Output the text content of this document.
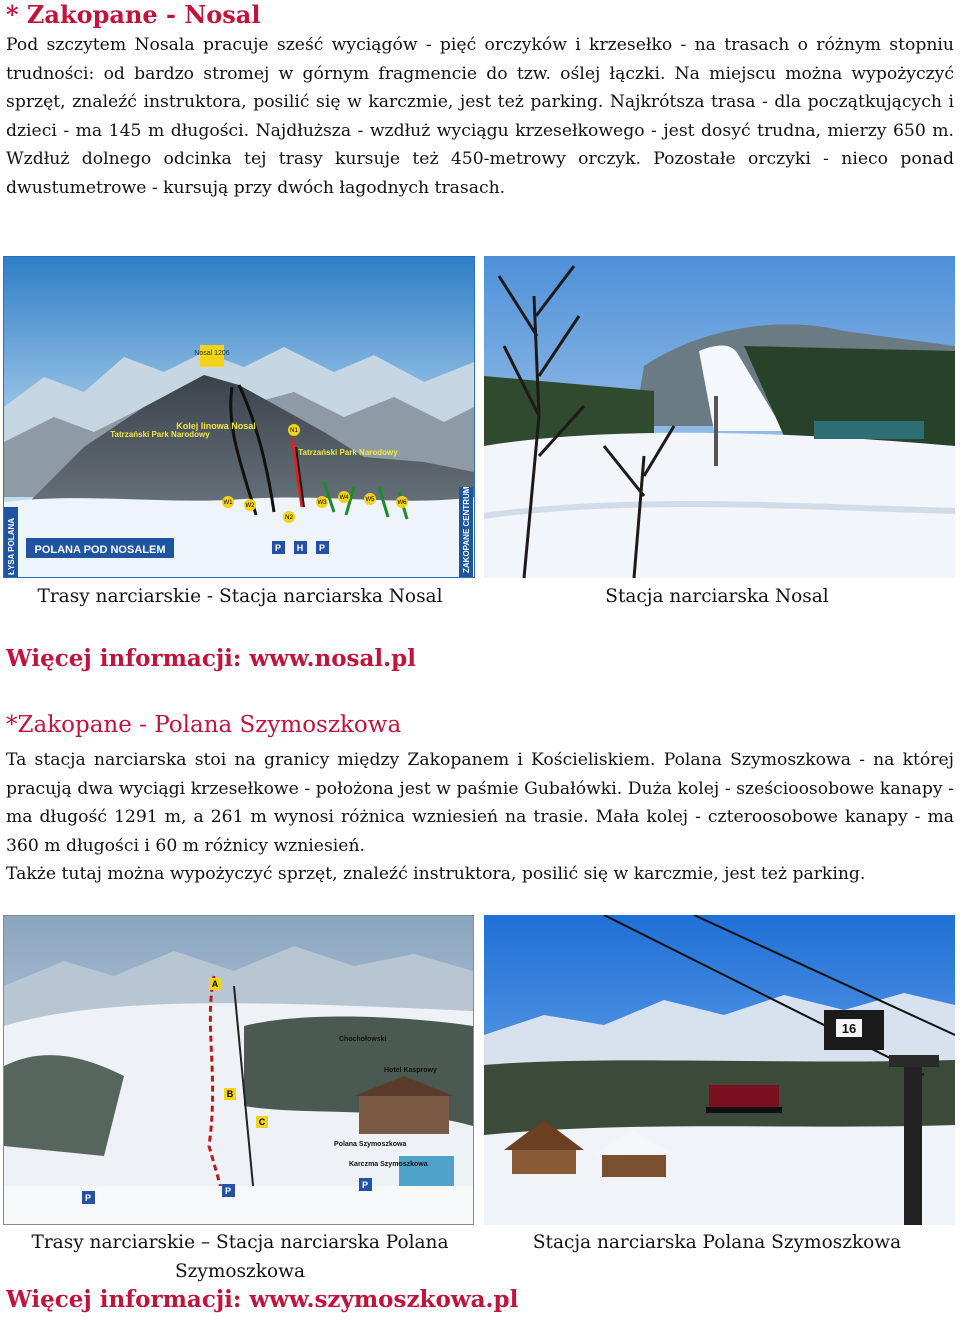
* Zakopane - Nosal
Pod szczytem Nosala pracuje sześć wyciągów - pięć orczyków i krzesełko - na trasach o różnym stopniu trudności: od bardzo stromej w górnym fragmencie do tzw. oślej łączki. Na miejscu można wypożyczyć sprzęt, znaleźć instruktora, posilić się w karczmie, jest też parking. Najkrótsza trasa - dla początkujących i dzieci - ma 145 m długości. Najdłuższa - wzdłuż wyciągu krzesełkowego - jest dosyć trudna, mierzy 650 m. Wzdłuż dolnego odcinka tej trasy kursuje też 450-metrowy orczyk. Pozostałe orczyki - nieco ponad dwustumetrowe - kursują przy dwóch łagodnych trasach.
Nosal 1206
Kolej linowa Nosal
Tatrzański Park Narodowy
Tatrzański Park Narodowy
W1 W2	W3
W4	W5	W6
N1
N2
P H P
POLANA POD NOSALEM
ŁYSA POLANA	ZAKOPANE CENTRUM
Trasy narciarskie - Stacja narciarska Nosal	Stacja narciarska Nosal
Więcej informacji: www.nosal.pl
*Zakopane - Polana Szymoszkowa
Ta stacja narciarska stoi na granicy między Zakopanem i Kościeliskiem. Polana Szymoszkowa - na której pracują dwa wyciągi krzesełkowe - położona jest w paśmie Gubałówki. Duża kolej - sześcioosobowe kanapy - ma długość 1291 m, a 261 m wynosi różnica wzniesień na trasie. Mała kolej - czteroosobowe kanapy - ma 360 m długości i 60 m różnicy wzniesień.
Także tutaj można wypożyczyć sprzęt, znaleźć instruktora, posilić się w karczmie, jest też parking.
A
B
C
P
P
P
Chochołowski
Polana Szymoszkowa
Hotel Kasprowy
Karczma Szymoszkowa
16
Trasy narciarskie – Stacja narciarska Polana Szymoszkowa
Stacja narciarska Polana Szymoszkowa
Więcej informacji: www.szymoszkowa.pl
